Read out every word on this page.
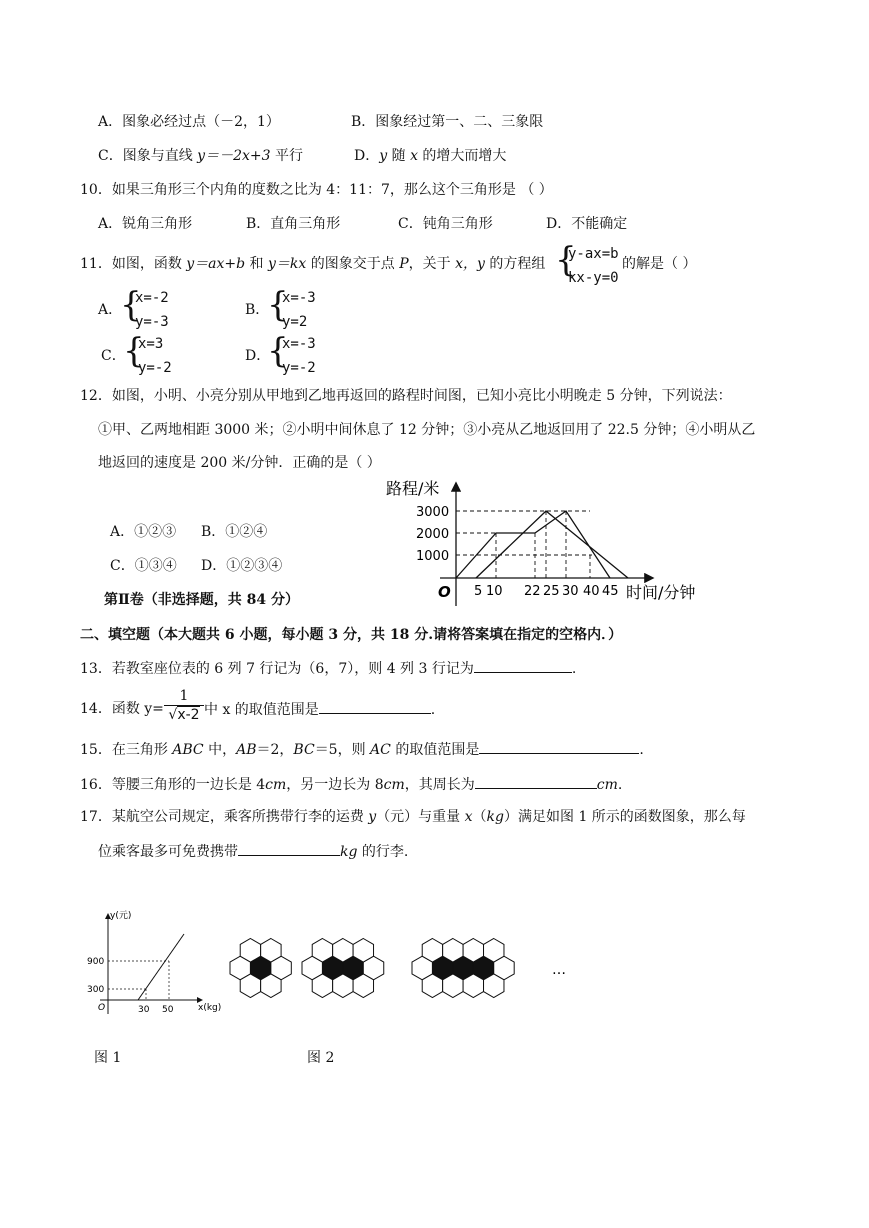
A．图象必经过点（－2，1）	B．图象经过第一、二、三象限
C．图象与直线 y＝－2x+3 平行	D．y 随 x 的增大而增大
10．如果三角形三个内角的度数之比为 4：11：7，那么这个三角形是 （ ）
A．锐角三角形	B．直角三角形	C．钝角三角形	D．不能确定
11．如图，函数 y＝ax+b 和 y＝kx 的图象交于点 P，关于 x，y 的方程组 {
y-ax=b
kx-y=0
的解是（ ）
A．
{
x=-2
y=-3
B．
{
x=-3
y=2
C．
{
x=3
y=-2
D．
{
x=-3
y=-2
12．如图，小明、小亮分别从甲地到乙地再返回的路程时间图，已知小亮比小明晚走 5 分钟，下列说法：
①甲、乙两地相距 3000 米；②小明中间休息了 12 分钟；③小亮从乙地返回用了 22.5 分钟；④小明从乙
地返回的速度是 200 米/分钟．正确的是（ ）
A．①②③ B．①②④
C．①③④ D．①②③④
路程/米
3000
2000
1000
O 5 10 22 25 30 40 45 时间/分钟
第Ⅱ卷（非选择题，共 84 分）
二、填空题（本大题共 6 小题，每小题 3 分，共 18 分.请将答案填在指定的空格内．）
13．若教室座位表的 6 列 7 行记为（6，7），则 4 列 3 行记为	.
14．函数 y=
1
√x-2 中 x 的取值范围是	.
15．在三角形 ABC 中，AB＝2，BC＝5，则 AC 的取值范围是	.
16．等腰三角形的一边长是 4cm，另一边长为 8cm，其周长为	cm.
17．某航空公司规定，乘客所携带行李的运费 y（元）与重量 x（kg）满足如图 1 所示的函数图象，那么每
位乘客最多可免费携带	kg 的行李.
y(元)
900
300
O	30 50	x(kg)
图 1
…
图 2
